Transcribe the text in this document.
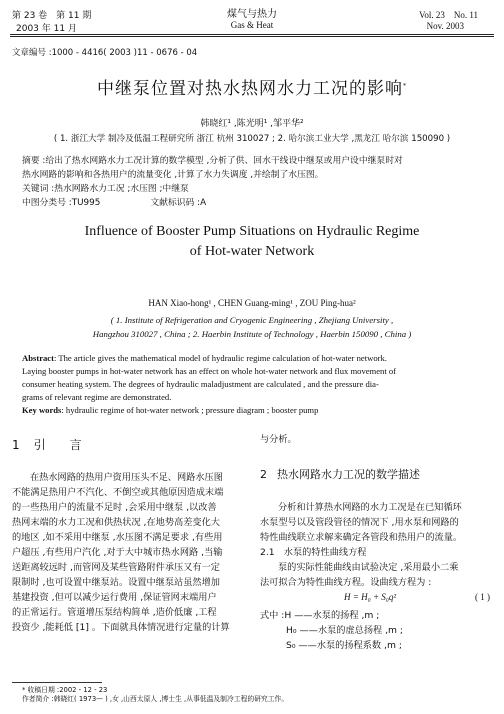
第 23 卷　第 11 期
2003 年 11 月
煤气与热力
Gas & Heat
Vol. 23　No. 11
Nov. 2003
文章编号 :1000 - 4416( 2003 )11 - 0676 - 04
中继泵位置对热水热网水力工况的影响*
韩晓红¹ ,陈光明¹ ,邹平华²
( 1. 浙江大学 制冷及低温工程研究所 浙江 杭州 310027 ; 2. 哈尔滨工业大学 ,黑龙江 哈尔滨 150090 )

摘要 :给出了热水网路水力工况计算的数学模型 ,分析了供、回水干线设中继泵或用户设中继泵时对

热水网路的影响和各热用户的流量变化 ,计算了水力失调度 ,并绘制了水压图。

关键词 :热水网路水力工况 ;水压图 ;中继泵

中图分类号 :TU995	文献标识码 :A

Influence of Booster Pump Situations on Hydraulic Regime

of Hot-water Network

HAN Xiao-hong¹ , CHEN Guang-ming¹ , ZOU Ping-hua²

( 1. Institute of Refrigeration and Cryogenic Engineering , Zhejiang University ,

Hangzhou 310027 , China ; 2. Haerbin Institute of Technology , Haerbin 150090 , China )

Abstract: The article gives the mathematical model of hydraulic regime calculation of hot-water network.

Laying booster pumps in hot-water network has an effect on whole hot-water network and flux movement of

consumer heating system. The degrees of hydraulic maladjustment are calculated , and the pressure dia-

grams of relevant regime are demonstrated.

Key words: hydraulic regime of hot-water network ; pressure diagram ; booster pump

1 引　　言

在热水网路的热用户资用压头不足、网路水压图

不能满足热用户不汽化、不倒空或其他原因造成末端

的一些热用户的流量不足时 ,会采用中继泵 ,以改善

热网末端的水力工况和供热状况 ,在地势高差变化大

的地区 ,如不采用中继泵 ,水压图不满足要求 ,有些用

户超压 ,有些用户汽化 ,对于大中城市热水网路 ,当输

送距离较远时 ,而管网及某些管路附件承压又有一定

限制时 ,也可设置中继泵站。设置中继泵站虽然增加

基建投资 ,但可以减少运行费用 ,保证管网末端用户

的正常运行。管道增压泵结构简单 ,造价低廉 ,工程

投资少 ,能耗低 [1] 。下面就具体情况进行定量的计算

与分析。
2 热水网路水力工况的数学描述

分析和计算热水网路的水力工况是在已知循环

水泵型号以及管段管径的情况下 ,用水泵和网路的

特性曲线联立求解来确定各管段和热用户的流量。

2.1　水泵的特性曲线方程

泵的实际性能曲线由试验决定 ,采用最小二乘

法可拟合为特性曲线方程。设曲线方程为 :

H = H₀ + S₀q²	( 1 )

式中 :H ——水泵的扬程 ,m ;

H₀ ——水泵的虚总扬程 ,m ;

S₀ ——水泵的扬程系数 ,m ;

* 收稿日期 :2002 - 12 - 23

作者简介 :韩晓红( 1973— ) ,女 ,山西太原人 ,博士生 ,从事低温及制冷工程的研究工作。
